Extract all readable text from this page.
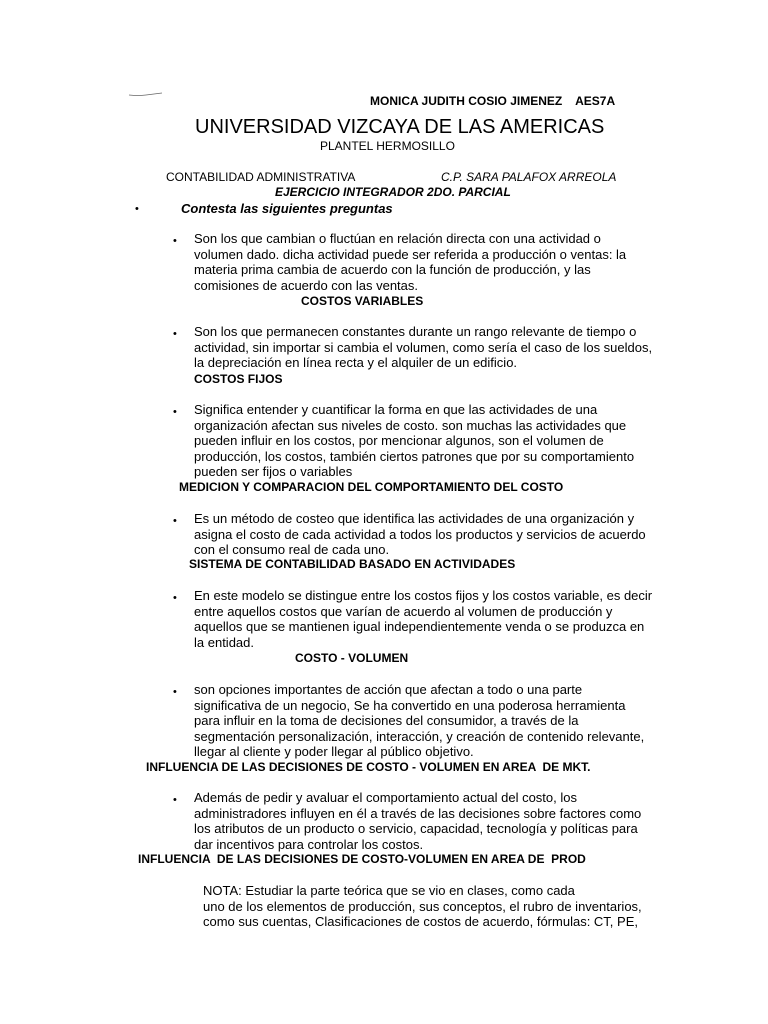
MONICA JUDITH COSIO JIMENEZ    AES7A
UNIVERSIDAD VIZCAYA DE LAS AMERICAS
PLANTEL HERMOSILLO
CONTABILIDAD ADMINISTRATIVA	C.P. SARA PALAFOX ARREOLA
EJERCICIO INTEGRADOR 2DO. PARCIAL
•	Contesta las siguientes preguntas
• Son los que cambian o fluctúan en relación directa con una actividad o
volumen dado. dicha actividad puede ser referida a producción o ventas: la
materia prima cambia de acuerdo con la función de producción, y las
comisiones de acuerdo con las ventas.
COSTOS VARIABLES
• Son los que permanecen constantes durante un rango relevante de tiempo o
actividad, sin importar si cambia el volumen, como sería el caso de los sueldos,
la depreciación en línea recta y el alquiler de un edificio.
COSTOS FIJOS
• Significa entender y cuantificar la forma en que las actividades de una
organización afectan sus niveles de costo. son muchas las actividades que
pueden influir en los costos, por mencionar algunos, son el volumen de
producción, los costos, también ciertos patrones que por su comportamiento
pueden ser fijos o variables
MEDICION Y COMPARACION DEL COMPORTAMIENTO DEL COSTO
• Es un método de costeo que identifica las actividades de una organización y
asigna el costo de cada actividad a todos los productos y servicios de acuerdo
con el consumo real de cada uno.
SISTEMA DE CONTABILIDAD BASADO EN ACTIVIDADES
• En este modelo se distingue entre los costos fijos y los costos variable, es decir
entre aquellos costos que varían de acuerdo al volumen de producción y
aquellos que se mantienen igual independientemente venda o se produzca en
la entidad.
COSTO - VOLUMEN
• son opciones importantes de acción que afectan a todo o una parte
significativa de un negocio, Se ha convertido en una poderosa herramienta
para influir en la toma de decisiones del consumidor, a través de la
segmentación personalización, interacción, y creación de contenido relevante,
llegar al cliente y poder llegar al público objetivo.
INFLUENCIA DE LAS DECISIONES DE COSTO - VOLUMEN EN AREA  DE MKT.
• Además de pedir y avaluar el comportamiento actual del costo, los
administradores influyen en él a través de las decisiones sobre factores como
los atributos de un producto o servicio, capacidad, tecnología y políticas para
dar incentivos para controlar los costos.
INFLUENCIA  DE LAS DECISIONES DE COSTO-VOLUMEN EN AREA DE  PROD
NOTA: Estudiar la parte teórica que se vio en clases, como cada
uno de los elementos de producción, sus conceptos, el rubro de inventarios,
como sus cuentas, Clasificaciones de costos de acuerdo, fórmulas: CT, PE,
